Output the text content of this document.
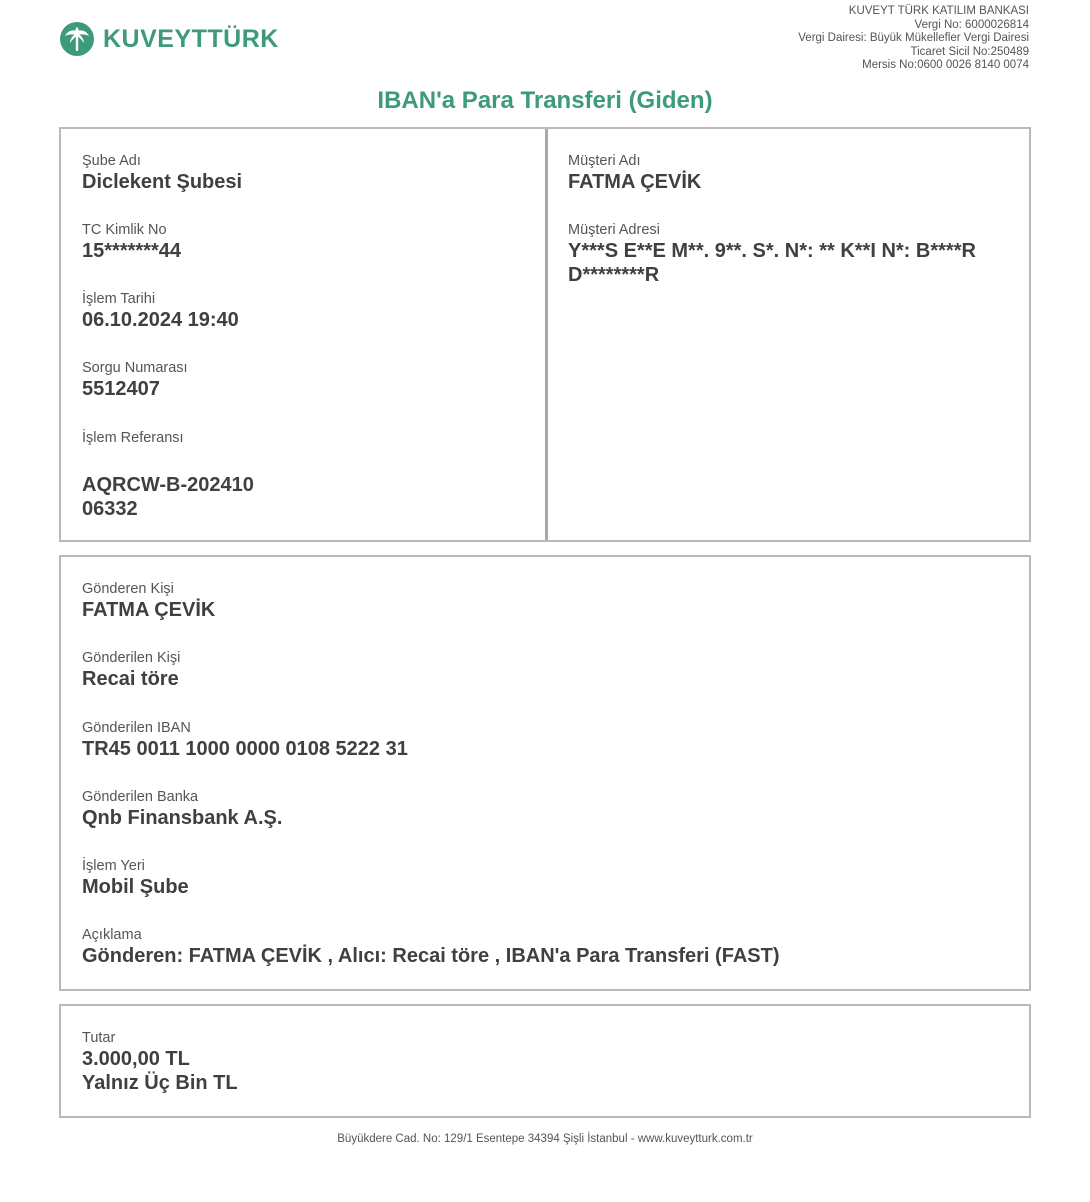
KUVEYTTÜRK
KUVEYT TÜRK KATILIM BANKASI
Vergi No: 6000026814
Vergi Dairesi: Büyük Mükellefler Vergi Dairesi
Ticaret Sicil No:250489
Mersis No:0600 0026 8140 0074
IBAN'a Para Transferi (Giden)
Şube Adı
Diclekent Şubesi
TC Kimlik No
15*******44
İşlem Tarihi
06.10.2024 19:40
Sorgu Numarası
5512407
İşlem Referansı
AQRCW-B-202410
06332
Müşteri Adı
FATMA ÇEVİK
Müşteri Adresi
Y***S E**E M**. 9**. S*. N*: ** K**I N*: B****R
D********R
Gönderen Kişi
FATMA ÇEVİK
Gönderilen Kişi
Recai töre
Gönderilen IBAN
TR45 0011 1000 0000 0108 5222 31
Gönderilen Banka
Qnb Finansbank A.Ş.
İşlem Yeri
Mobil Şube
Açıklama
Gönderen: FATMA ÇEVİK , Alıcı: Recai töre , IBAN'a Para Transferi (FAST)
Tutar
3.000,00 TL
Yalnız Üç Bin TL
Büyükdere Cad. No: 129/1 Esentepe 34394 Şişli İstanbul - www.kuveytturk.com.tr
